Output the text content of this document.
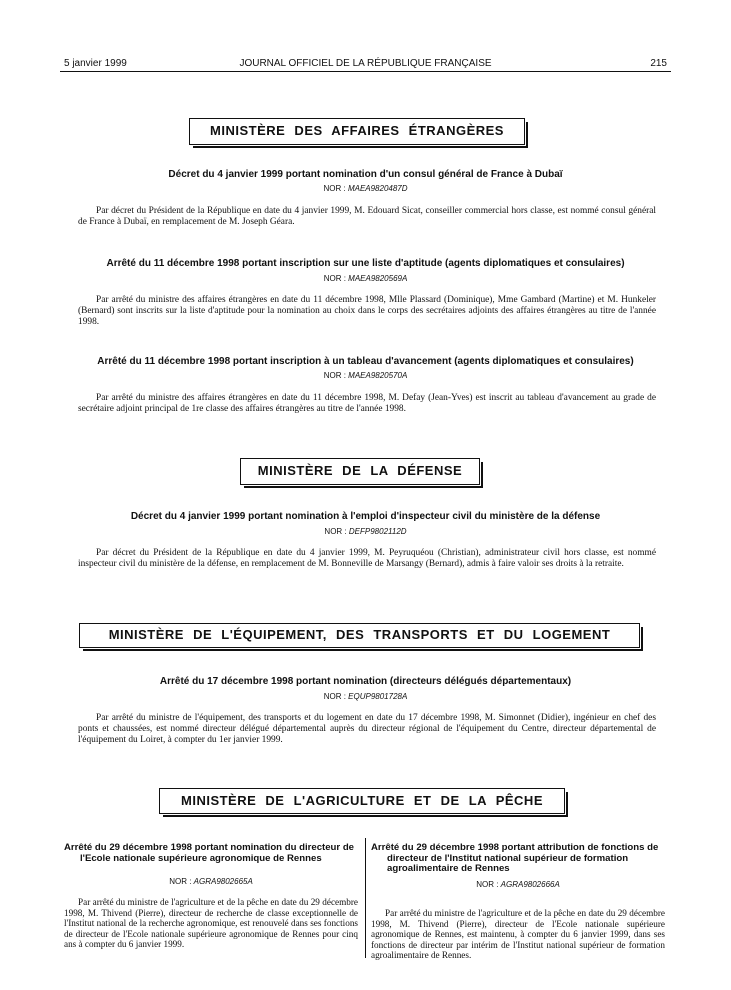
5 janvier 1999	JOURNAL OFFICIEL DE LA RÉPUBLIQUE FRANÇAISE	215
MINISTÈRE DES AFFAIRES ÉTRANGÈRES
Décret du 4 janvier 1999 portant nomination d'un consul général de France à Dubaï
NOR : MAEA9820487D
Par décret du Président de la République en date du 4 janvier 1999, M. Edouard Sicat, conseiller commercial hors classe, est nommé consul général de France à Dubaï, en remplacement de M. Joseph Géara.
Arrêté du 11 décembre 1998 portant inscription sur une liste d'aptitude (agents diplomatiques et consulaires)
NOR : MAEA9820569A
Par arrêté du ministre des affaires étrangères en date du 11 décembre 1998, Mlle Plassard (Dominique), Mme Gambard (Martine) et M. Hunkeler (Bernard) sont inscrits sur la liste d'aptitude pour la nomination au choix dans le corps des secrétaires adjoints des affaires étrangères au titre de l'année 1998.
Arrêté du 11 décembre 1998 portant inscription à un tableau d'avancement (agents diplomatiques et consulaires)
NOR : MAEA9820570A
Par arrêté du ministre des affaires étrangères en date du 11 décembre 1998, M. Defay (Jean-Yves) est inscrit au tableau d'avancement au grade de secrétaire adjoint principal de 1re classe des affaires étrangères au titre de l'année 1998.
MINISTÈRE DE LA DÉFENSE
Décret du 4 janvier 1999 portant nomination à l'emploi d'inspecteur civil du ministère de la défense
NOR : DEFP9802112D
Par décret du Président de la République en date du 4 janvier 1999, M. Peyruquéou (Christian), administrateur civil hors classe, est nommé inspecteur civil du ministère de la défense, en remplacement de M. Bonneville de Marsangy (Bernard), admis à faire valoir ses droits à la retraite.
MINISTÈRE DE L'ÉQUIPEMENT, DES TRANSPORTS ET DU LOGEMENT
Arrêté du 17 décembre 1998 portant nomination (directeurs délégués départementaux)
NOR : EQUP9801728A
Par arrêté du ministre de l'équipement, des transports et du logement en date du 17 décembre 1998, M. Simonnet (Didier), ingénieur en chef des ponts et chaussées, est nommé directeur délégué départemental auprès du directeur régional de l'équipement du Centre, directeur départemental de l'équipement du Loiret, à compter du 1er janvier 1999.
MINISTÈRE DE L'AGRICULTURE ET DE LA PÊCHE
Arrêté du 29 décembre 1998 portant nomination du directeur de l'Ecole nationale supérieure agronomique de Rennes
NOR : AGRA9802665A
Par arrêté du ministre de l'agriculture et de la pêche en date du 29 décembre 1998, M. Thivend (Pierre), directeur de recherche de classe exceptionnelle de l'Institut national de la recherche agronomique, est renouvelé dans ses fonctions de directeur de l'Ecole nationale supérieure agronomique de Rennes pour cinq ans à compter du 6 janvier 1999.
Arrêté du 29 décembre 1998 portant attribution de fonctions de directeur de l'Institut national supérieur de formation agroalimentaire de Rennes
NOR : AGRA9802666A
Par arrêté du ministre de l'agriculture et de la pêche en date du 29 décembre 1998, M. Thivend (Pierre), directeur de l'Ecole nationale supérieure agronomique de Rennes, est maintenu, à compter du 6 janvier 1999, dans ses fonctions de directeur par intérim de l'Institut national supérieur de formation agroalimentaire de Rennes.
